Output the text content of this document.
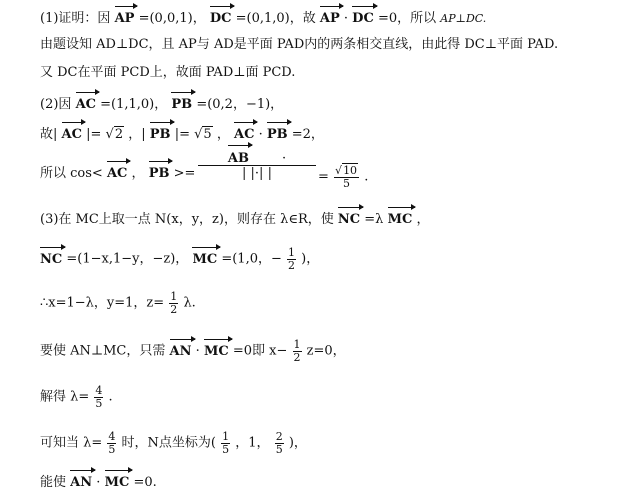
(1)证明：因 AP =(0,0,1)， DC =(0,1,0)，故 AP · DC =0，所以 AP⊥DC.
由题设知 AD⊥DC，且 AP与 AD是平面 PAD内的两条相交直线，由此得 DC⊥平面 PAD.
又 DC在平面 PCD上，故面 PAD⊥面 PCD.
(2)因 AC =(1,1,0)， PB =(0,2，−1)，
故| AC |= √2 ，| PB |= √5 ， AC · PB =2，
所以 cos< AC ， PB >=
AB	·
| |·| |	= $\frac{√10}{5}$ .
(3)在 MC上取一点 N(x，y，z)，则存在 λ∈R，使 NC =λ MC ，
NC =(1−x,1−y，−z)， MC =(1,0，− $\frac{1}{2}$ )，
∴x=1−λ，y=1，$z= \frac{1}{2} \lambda$.
要使 AN⊥MC，只需 AN · MC =0即 $x- \frac{1}{2} z=0$，
解得 $\lambda= \frac{4}{5}$ .
可知当 $\lambda= \frac{4}{5}$ 时，N点坐标为( $\frac{1}{5}$ ，1， $\frac{2}{5}$ )，
能使 AN · MC =0.
